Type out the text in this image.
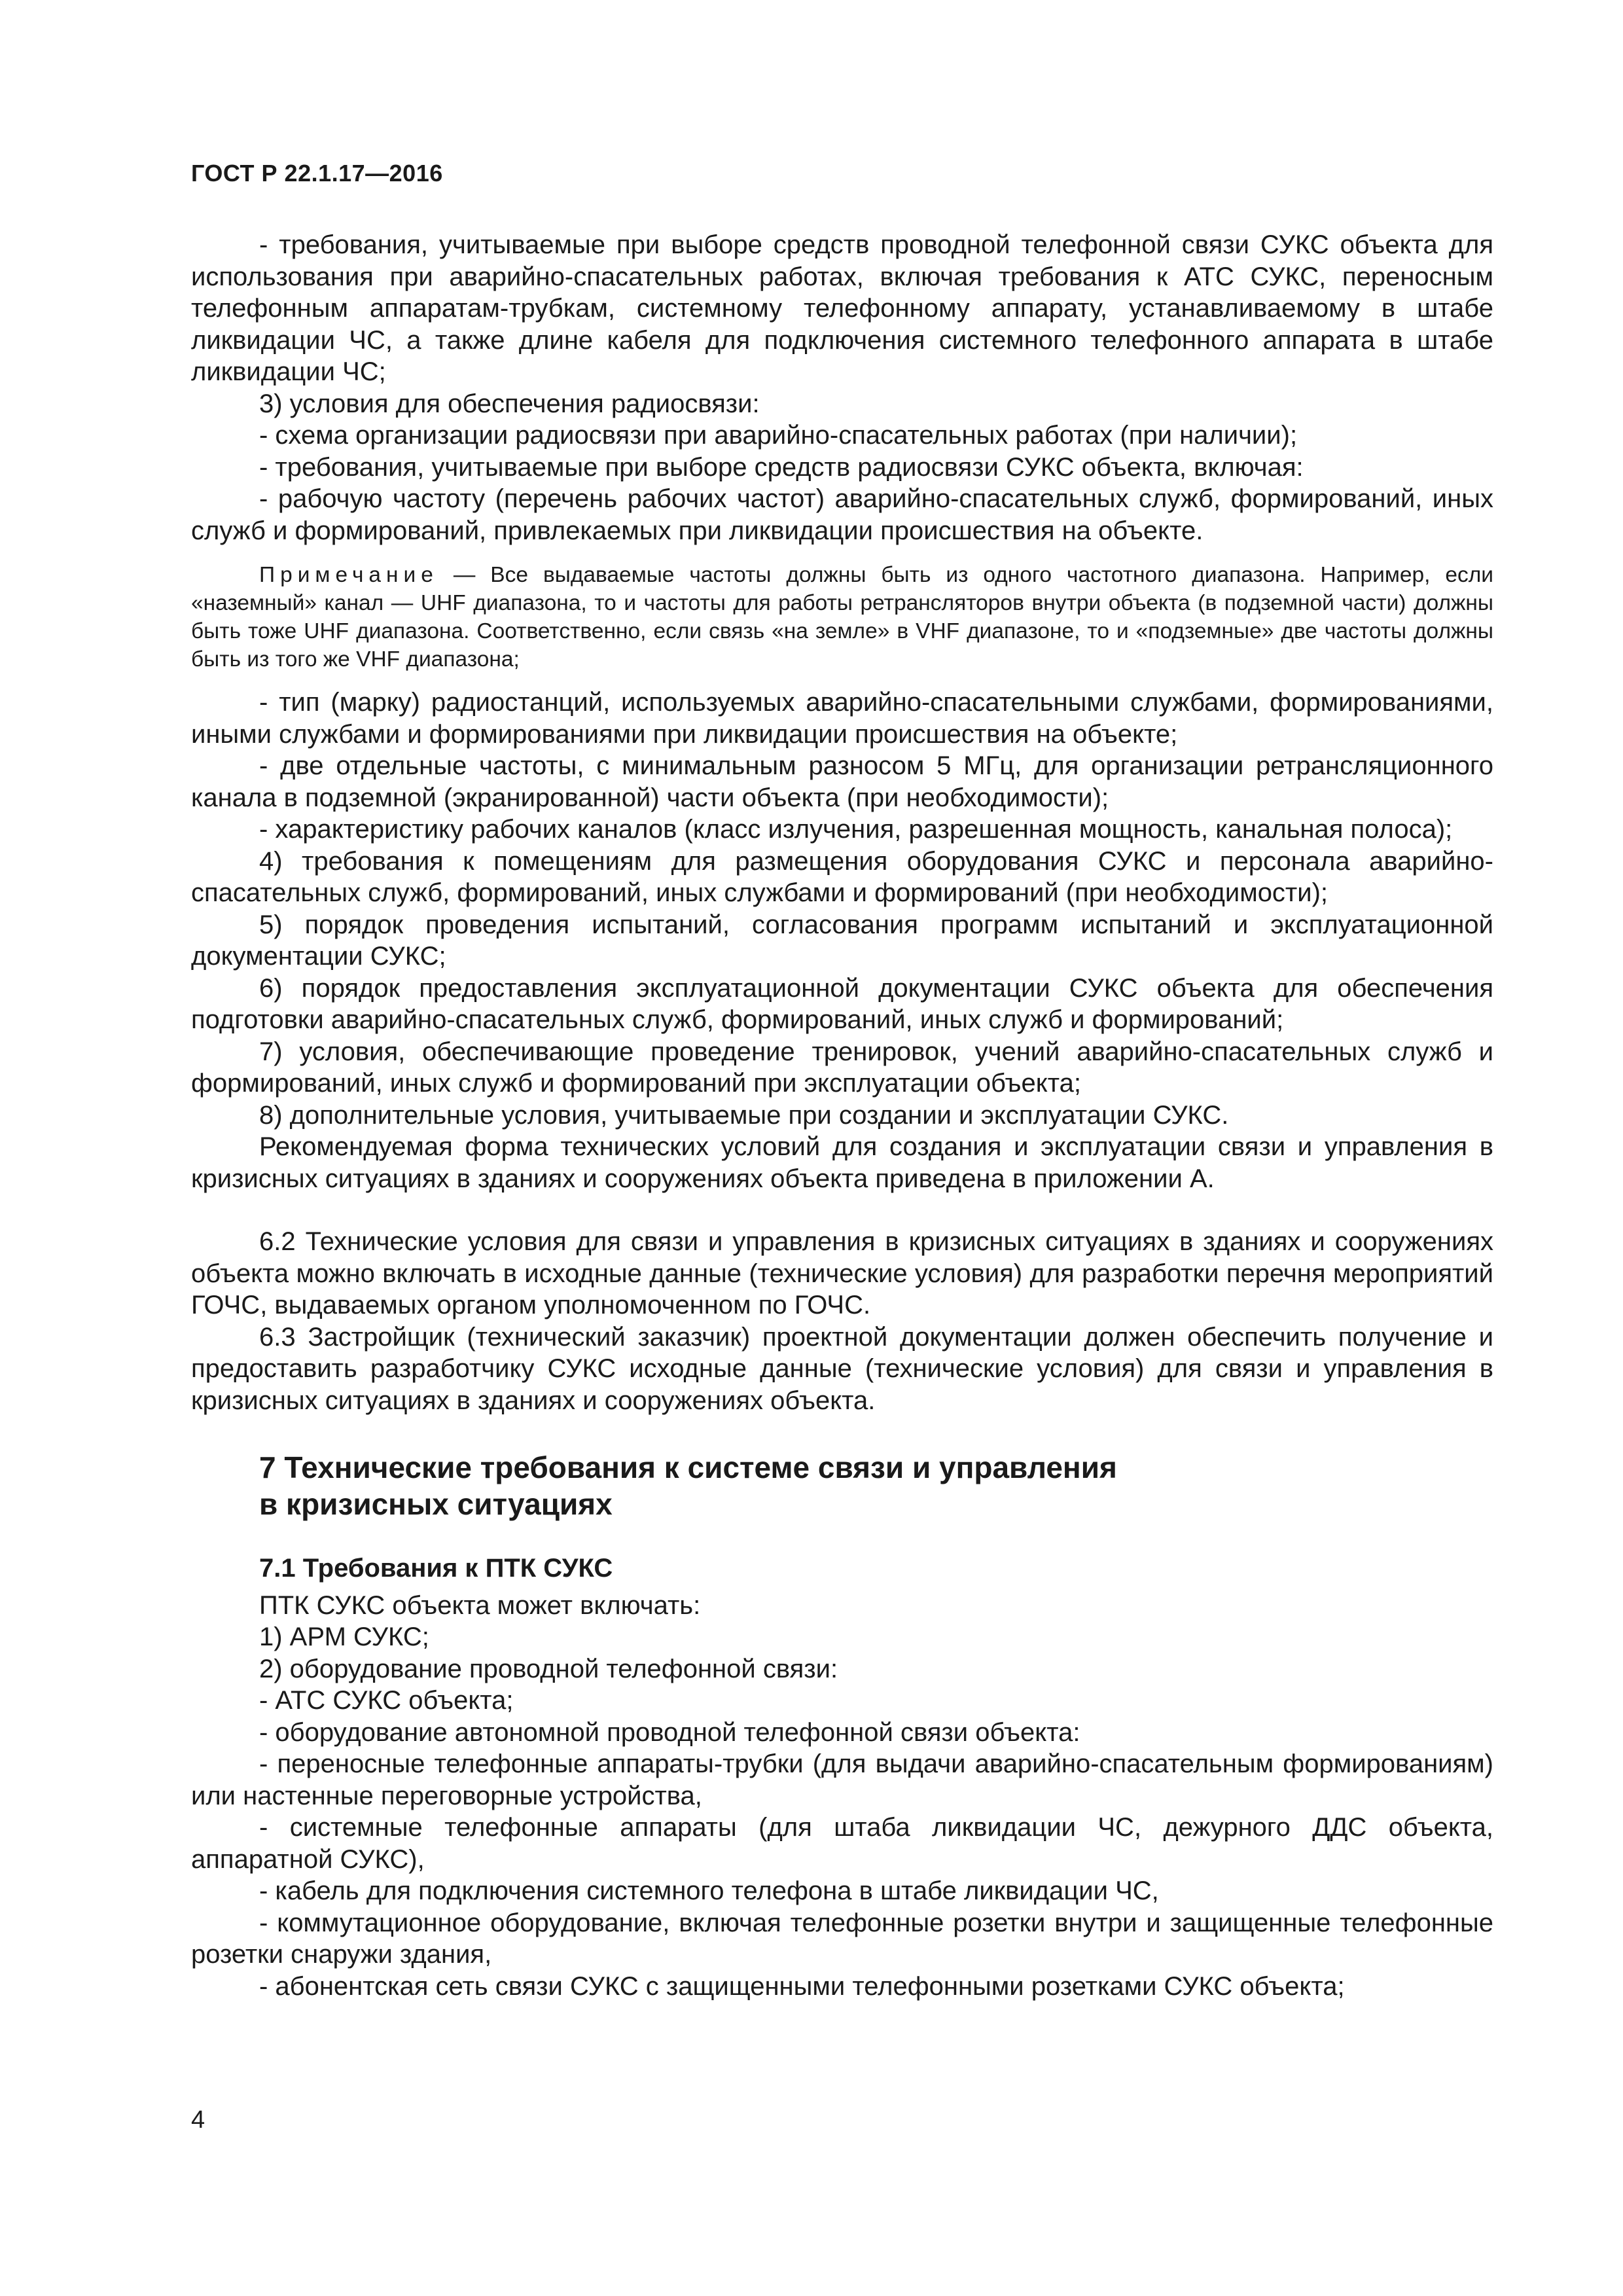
ГОСТ Р 22.1.17—2016

- требования, учитываемые при выборе средств проводной телефонной связи СУКС объекта для использования при аварийно-спасательных работах, включая требования к АТС СУКС, переносным телефонным аппаратам-трубкам, системному телефонному аппарату, устанавливаемому в штабе ликвидации ЧС, а также длине кабеля для подключения системного телефонного аппарата в штабе ликвидации ЧС;

3) условия для обеспечения радиосвязи:

- схема организации радиосвязи при аварийно-спасательных работах (при наличии);

- требования, учитываемые при выборе средств радиосвязи СУКС объекта, включая:

- рабочую частоту (перечень рабочих частот) аварийно-спасательных служб, формирований, иных служб и формирований, привлекаемых при ликвидации происшествия на объекте.

Примечание — Все выдаваемые частоты должны быть из одного частотного диапазона. Например, если «наземный» канал — UHF диапазона, то и частоты для работы ретрансляторов внутри объекта (в подземной части) должны быть тоже UHF диапазона. Соответственно, если связь «на земле» в VHF диапазоне, то и «подземные» две частоты должны быть из того же VHF диапазона;

- тип (марку) радиостанций, используемых аварийно-спасательными службами, формированиями, иными службами и формированиями при ликвидации происшествия на объекте;

- две отдельные частоты, с минимальным разносом 5 МГц, для организации ретрансляционного канала в подземной (экранированной) части объекта (при необходимости);

- характеристику рабочих каналов (класс излучения, разрешенная мощность, канальная полоса);

4) требования к помещениям для размещения оборудования СУКС и персонала аварийно-спасательных служб, формирований, иных службами и формирований (при необходимости);

5) порядок проведения испытаний, согласования программ испытаний и эксплуатационной документации СУКС;

6) порядок предоставления эксплуатационной документации СУКС объекта для обеспечения подготовки аварийно-спасательных служб, формирований, иных служб и формирований;

7) условия, обеспечивающие проведение тренировок, учений аварийно-спасательных служб и формирований, иных служб и формирований при эксплуатации объекта;

8) дополнительные условия, учитываемые при создании и эксплуатации СУКС.

Рекомендуемая форма технических условий для создания и эксплуатации связи и управления в кризисных ситуациях в зданиях и сооружениях объекта приведена в приложении А.

6.2 Технические условия для связи и управления в кризисных ситуациях в зданиях и сооружениях объекта можно включать в исходные данные (технические условия) для разработки перечня мероприятий ГОЧС, выдаваемых органом уполномоченном по ГОЧС.

6.3 Застройщик (технический заказчик) проектной документации должен обеспечить получение и предоставить разработчику СУКС исходные данные (технические условия) для связи и управления в кризисных ситуациях в зданиях и сооружениях объекта.

7 Технические требования к системе связи и управления
в кризисных ситуациях
7.1 Требования к ПТК СУКС

ПТК СУКС объекта может включать:

1) АРМ СУКС;

2) оборудование проводной телефонной связи:

- АТС СУКС объекта;

- оборудование автономной проводной телефонной связи объекта:

- переносные телефонные аппараты-трубки (для выдачи аварийно-спасательным формированиям) или настенные переговорные устройства,

- системные телефонные аппараты (для штаба ликвидации ЧС, дежурного ДДС объекта, аппаратной СУКС),

- кабель для подключения системного телефона в штабе ликвидации ЧС,

- коммутационное оборудование, включая телефонные розетки внутри и защищенные телефонные розетки снаружи здания,

- абонентская сеть связи СУКС с защищенными телефонными розетками СУКС объекта;

4
